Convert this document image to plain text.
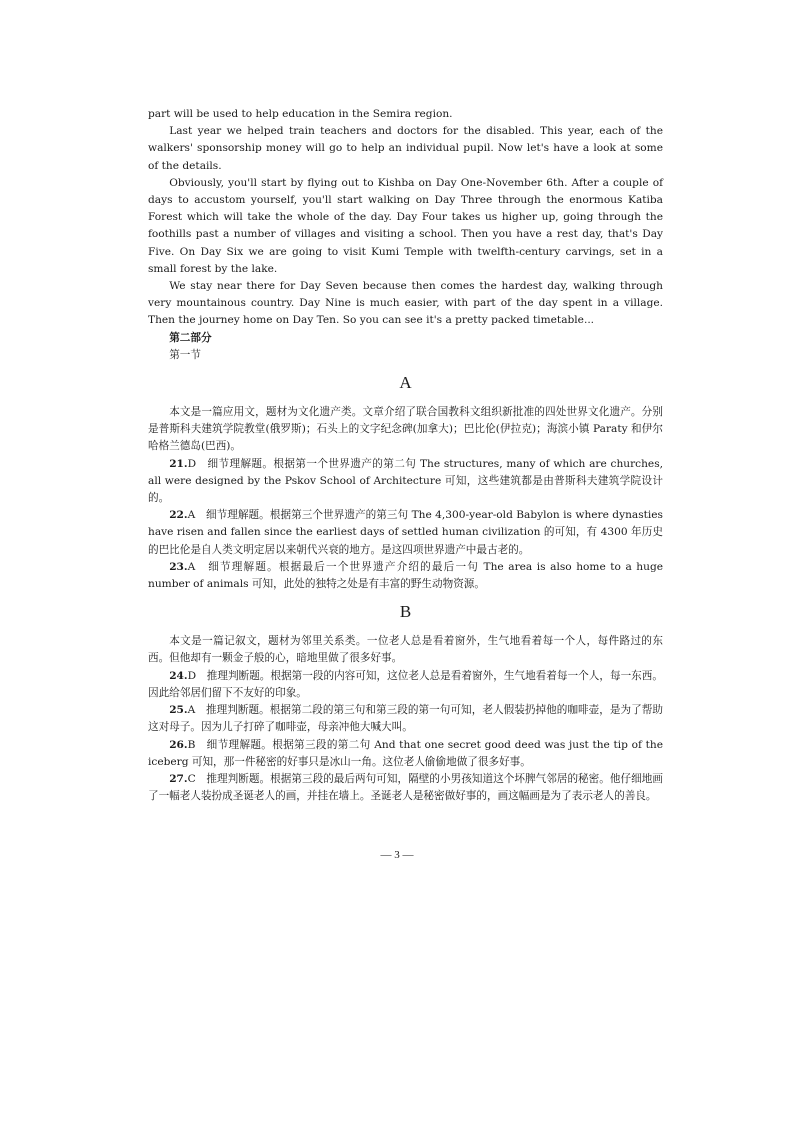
part will be used to help education in the Semira region.

Last year we helped train teachers and doctors for the disabled. This year, each of the walkers' sponsorship money will go to help an individual pupil. Now let's have a look at some of the details.

Obviously, you'll start by flying out to Kishba on Day One-November 6th. After a couple of days to accustom yourself, you'll start walking on Day Three through the enormous Katiba Forest which will take the whole of the day. Day Four takes us higher up, going through the foothills past a number of villages and visiting a school. Then you have a rest day, that's Day Five. On Day Six we are going to visit Kumi Temple with twelfth-century carvings, set in a small forest by the lake.

We stay near there for Day Seven because then comes the hardest day, walking through very mountainous country. Day Nine is much easier, with part of the day spent in a village. Then the journey home on Day Ten. So you can see it's a pretty packed timetable...

第二部分

第一节

A

本文是一篇应用文，题材为文化遗产类。文章介绍了联合国教科文组织新批准的四处世界文化遗产。分别是普斯科夫建筑学院教堂(俄罗斯)；石头上的文字纪念碑(加拿大)；巴比伦(伊拉克)；海滨小镇 Paraty 和伊尔哈格兰德岛(巴西)。

21.D　细节理解题。根据第一个世界遗产的第二句 The structures, many of which are churches, all were designed by the Pskov School of Architecture 可知，这些建筑都是由普斯科夫建筑学院设计的。

22.A　细节理解题。根据第三个世界遗产的第三句 The 4,300-year-old Babylon is where dynasties have risen and fallen since the earliest days of settled human civilization 的可知，有 4300 年历史的巴比伦是自人类文明定居以来朝代兴衰的地方。是这四项世界遗产中最古老的。

23.A　细节理解题。根据最后一个世界遗产介绍的最后一句 The area is also home to a huge number of animals 可知，此处的独特之处是有丰富的野生动物资源。

B

本文是一篇记叙文，题材为邻里关系类。一位老人总是看着窗外，生气地看着每一个人，每件路过的东西。但他却有一颗金子般的心，暗地里做了很多好事。

24.D　推理判断题。根据第一段的内容可知，这位老人总是看着窗外，生气地看着每一个人，每一东西。因此给邻居们留下不友好的印象。

25.A　推理判断题。根据第二段的第三句和第三段的第一句可知，老人假装扔掉他的咖啡壶，是为了帮助这对母子。因为儿子打碎了咖啡壶，母亲冲他大喊大叫。

26.B　细节理解题。根据第三段的第二句 And that one secret good deed was just the tip of the iceberg 可知，那一件秘密的好事只是冰山一角。这位老人偷偷地做了很多好事。

27.C　推理判断题。根据第三段的最后两句可知，隔壁的小男孩知道这个坏脾气邻居的秘密。他仔细地画了一幅老人装扮成圣诞老人的画，并挂在墙上。圣诞老人是秘密做好事的，画这幅画是为了表示老人的善良。

— 3 —
